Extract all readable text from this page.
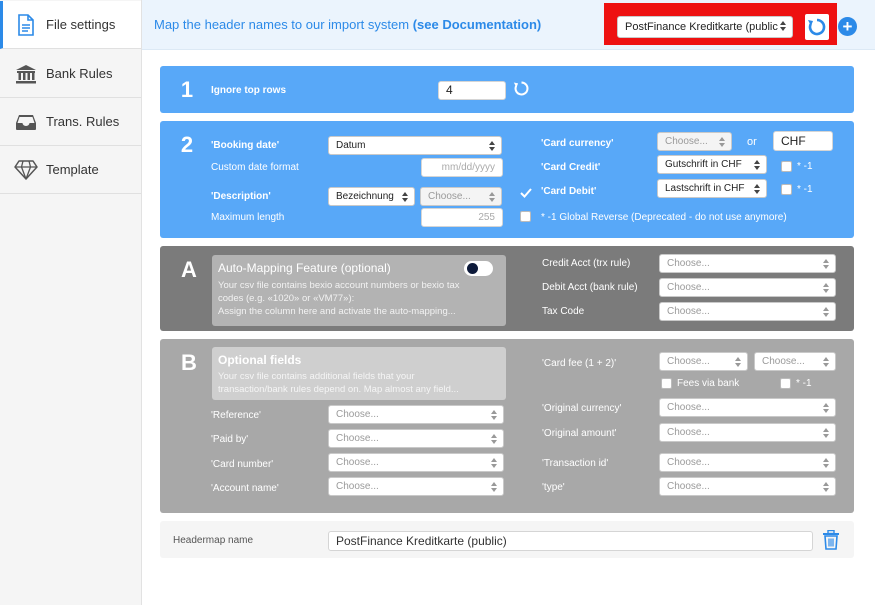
File settings
Bank Rules
Trans. Rules
Template
Map the header names to our import system (see Documentation)	PostFinance Kreditkarte (public	+
1	Ignore top rows	4
2	'Booking date'	Datum
Custom date format	mm/dd/yyyy
'Description'	Bezeichnung	Choose...
Maximum length	255
'Card currency'	Choose...	or	CHF
'Card Credit'	Gutschrift in CHF	* -1
'Card Debit'	Lastschrift in CHF	* -1
* -1 Global Reverse (Deprecated - do not use anymore)
A	Auto-Mapping Feature (optional)
Your csv file contains bexio account numbers or bexio tax
codes (e.g. «1020» or «VM77»):
Assign the column here and activate the auto-mapping...
Credit Acct (trx rule)	Choose...
Debit Acct (bank rule)	Choose...
Tax Code	Choose...
B	Optional fields
Your csv file contains additional fields that your
transaction/bank rules depend on. Map almost any field...
'Reference'	Choose...
'Paid by'	Choose...
'Card number'	Choose...
'Account name'	Choose...
'Card fee (1 + 2)'	Choose...	Choose...
Fees via bank	* -1
'Original currency'	Choose...
'Original amount'	Choose...
'Transaction id'	Choose...
'type'	Choose...
Headermap name	PostFinance Kreditkarte (public)
